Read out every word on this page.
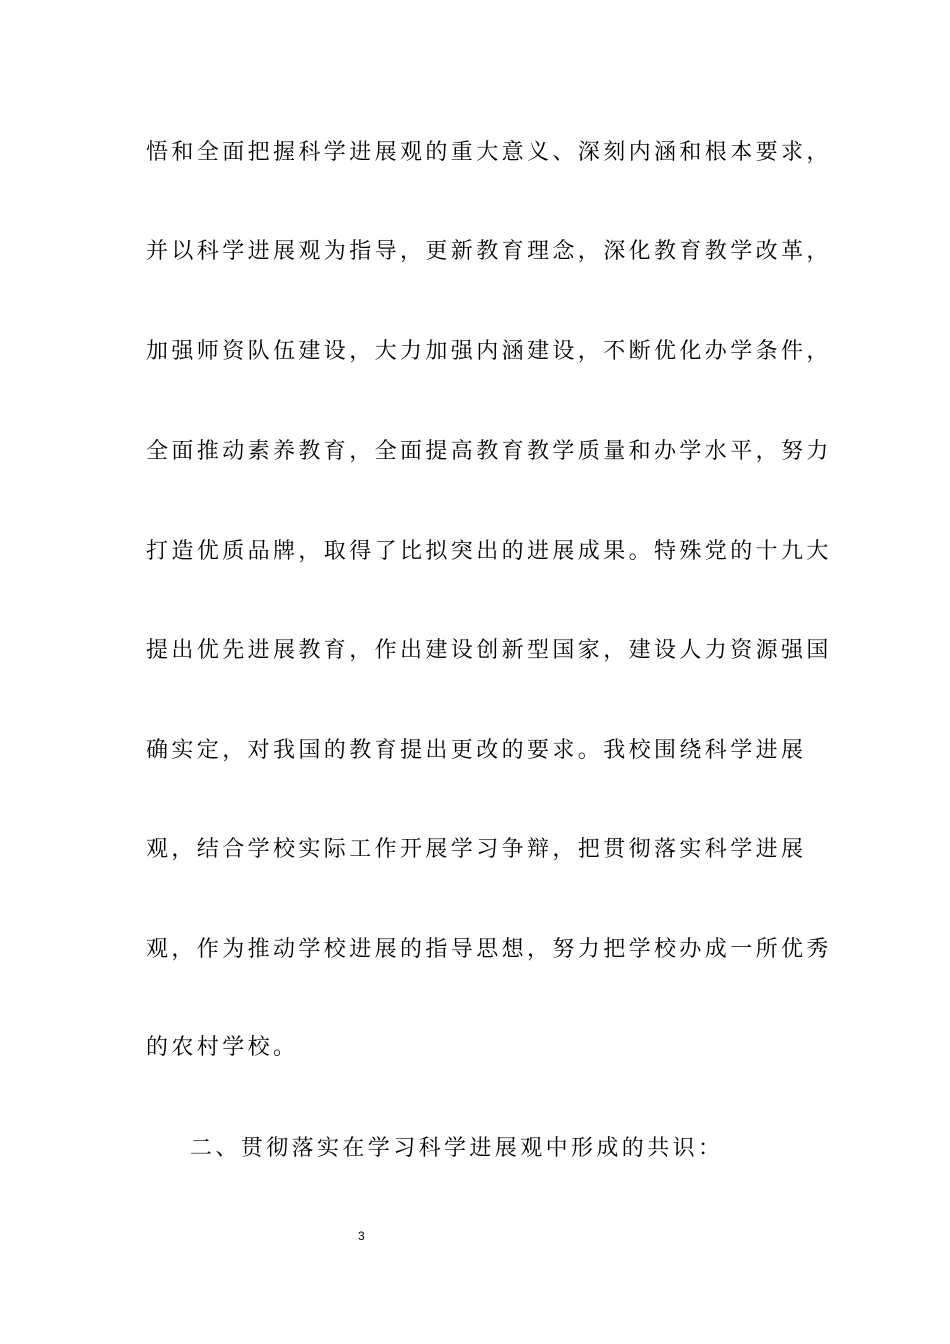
悟和全面把握科学进展观的重大意义、深刻内涵和根本要求，
并以科学进展观为指导，更新教育理念，深化教育教学改革，
加强师资队伍建设，大力加强内涵建设，不断优化办学条件，
全面推动素养教育，全面提高教育教学质量和办学水平，努力
打造优质品牌，取得了比拟突出的进展成果。特殊党的十九大
提出优先进展教育，作出建设创新型国家，建设人力资源强国
确实定，对我国的教育提出更改的要求。我校围绕科学进展
观，结合学校实际工作开展学习争辩，把贯彻落实科学进展
观，作为推动学校进展的指导思想，努力把学校办成一所优秀
的农村学校。
二、贯彻落实在学习科学进展观中形成的共识：
3
